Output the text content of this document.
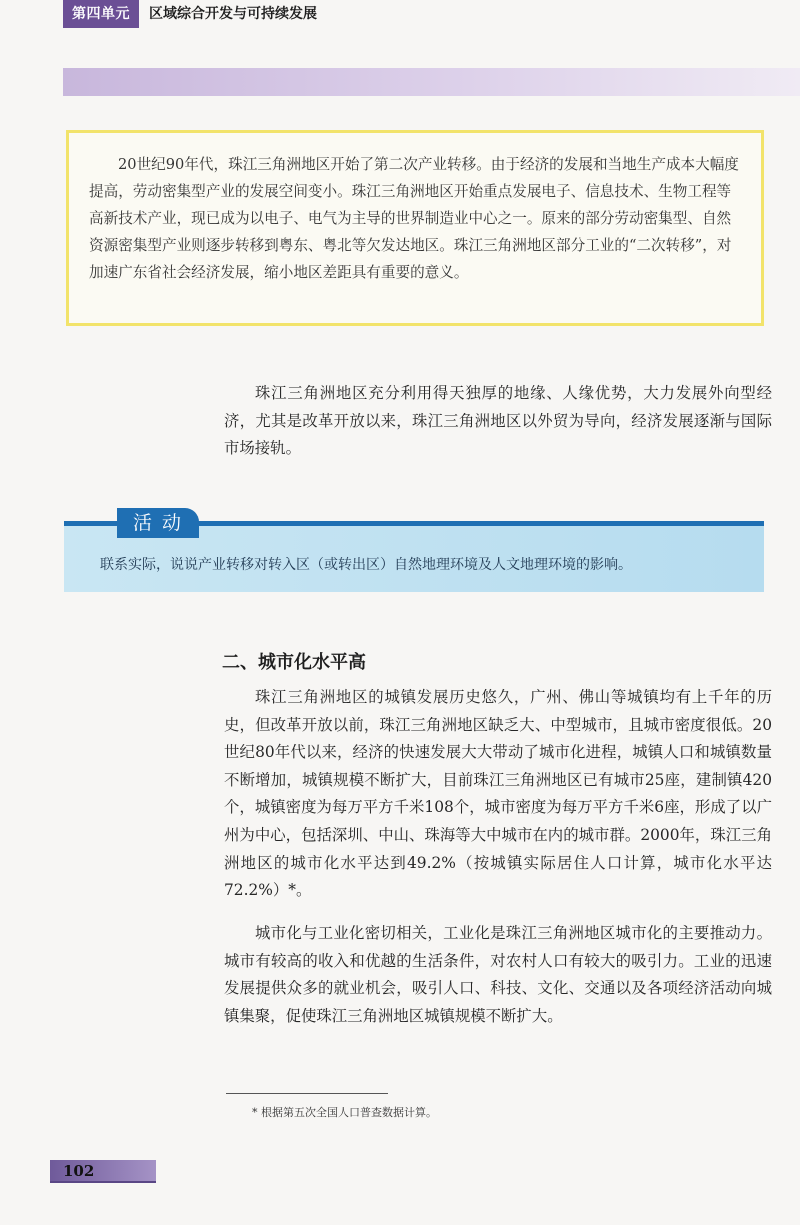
第四单元	区域综合开发与可持续发展

20世纪90年代，珠江三角洲地区开始了第二次产业转移。由于经济的发展和当地生产成本大幅度提高，劳动密集型产业的发展空间变小。珠江三角洲地区开始重点发展电子、信息技术、生物工程等高新技术产业，现已成为以电子、电气为主导的世界制造业中心之一。原来的部分劳动密集型、自然资源密集型产业则逐步转移到粤东、粤北等欠发达地区。珠江三角洲地区部分工业的“二次转移”，对加速广东省社会经济发展，缩小地区差距具有重要的意义。

珠江三角洲地区充分利用得天独厚的地缘、人缘优势，大力发展外向型经济，尤其是改革开放以来，珠江三角洲地区以外贸为导向，经济发展逐渐与国际市场接轨。

活动

联系实际，说说产业转移对转入区（或转出区）自然地理环境及人文地理环境的影响。

二、城市化水平高

珠江三角洲地区的城镇发展历史悠久，广州、佛山等城镇均有上千年的历史，但改革开放以前，珠江三角洲地区缺乏大、中型城市，且城市密度很低。20世纪80年代以来，经济的快速发展大大带动了城市化进程，城镇人口和城镇数量不断增加，城镇规模不断扩大，目前珠江三角洲地区已有城市25座，建制镇420个，城镇密度为每万平方千米108个，城市密度为每万平方千米6座，形成了以广州为中心，包括深圳、中山、珠海等大中城市在内的城市群。2000年，珠江三角洲地区的城市化水平达到49.2%（按城镇实际居住人口计算，城市化水平达72.2%）*。

城市化与工业化密切相关，工业化是珠江三角洲地区城市化的主要推动力。城市有较高的收入和优越的生活条件，对农村人口有较大的吸引力。工业的迅速发展提供众多的就业机会，吸引人口、科技、文化、交通以及各项经济活动向城镇集聚，促使珠江三角洲地区城镇规模不断扩大。

* 根据第五次全国人口普查数据计算。

102
